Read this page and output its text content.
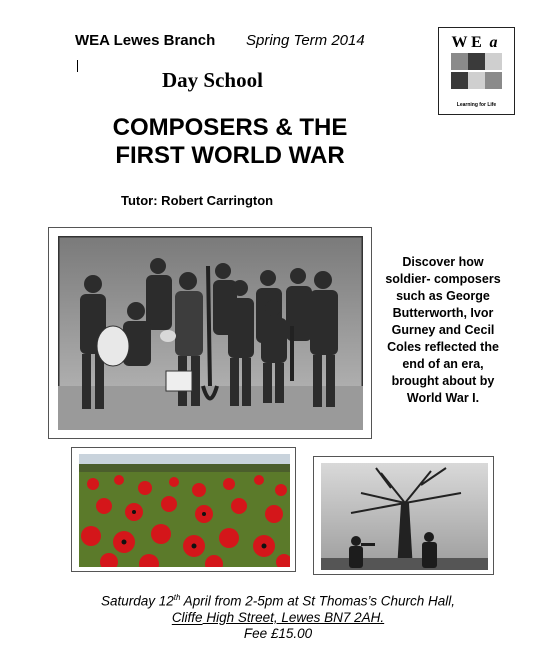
WEA Lewes Branch Spring Term 2014	W E a
Learning for Life
Day School
COMPOSERS & THE
FIRST WORLD WAR
Tutor: Robert Carrington
Discover how soldier- composers such as George Butterworth, Ivor Gurney and Cecil Coles reflected the end of an era, brought about by World War I.
Saturday 12th April from 2-5pm at St Thomas’s Church Hall,
Cliffe High Street, Lewes BN7 2AH.
Fee £15.00
